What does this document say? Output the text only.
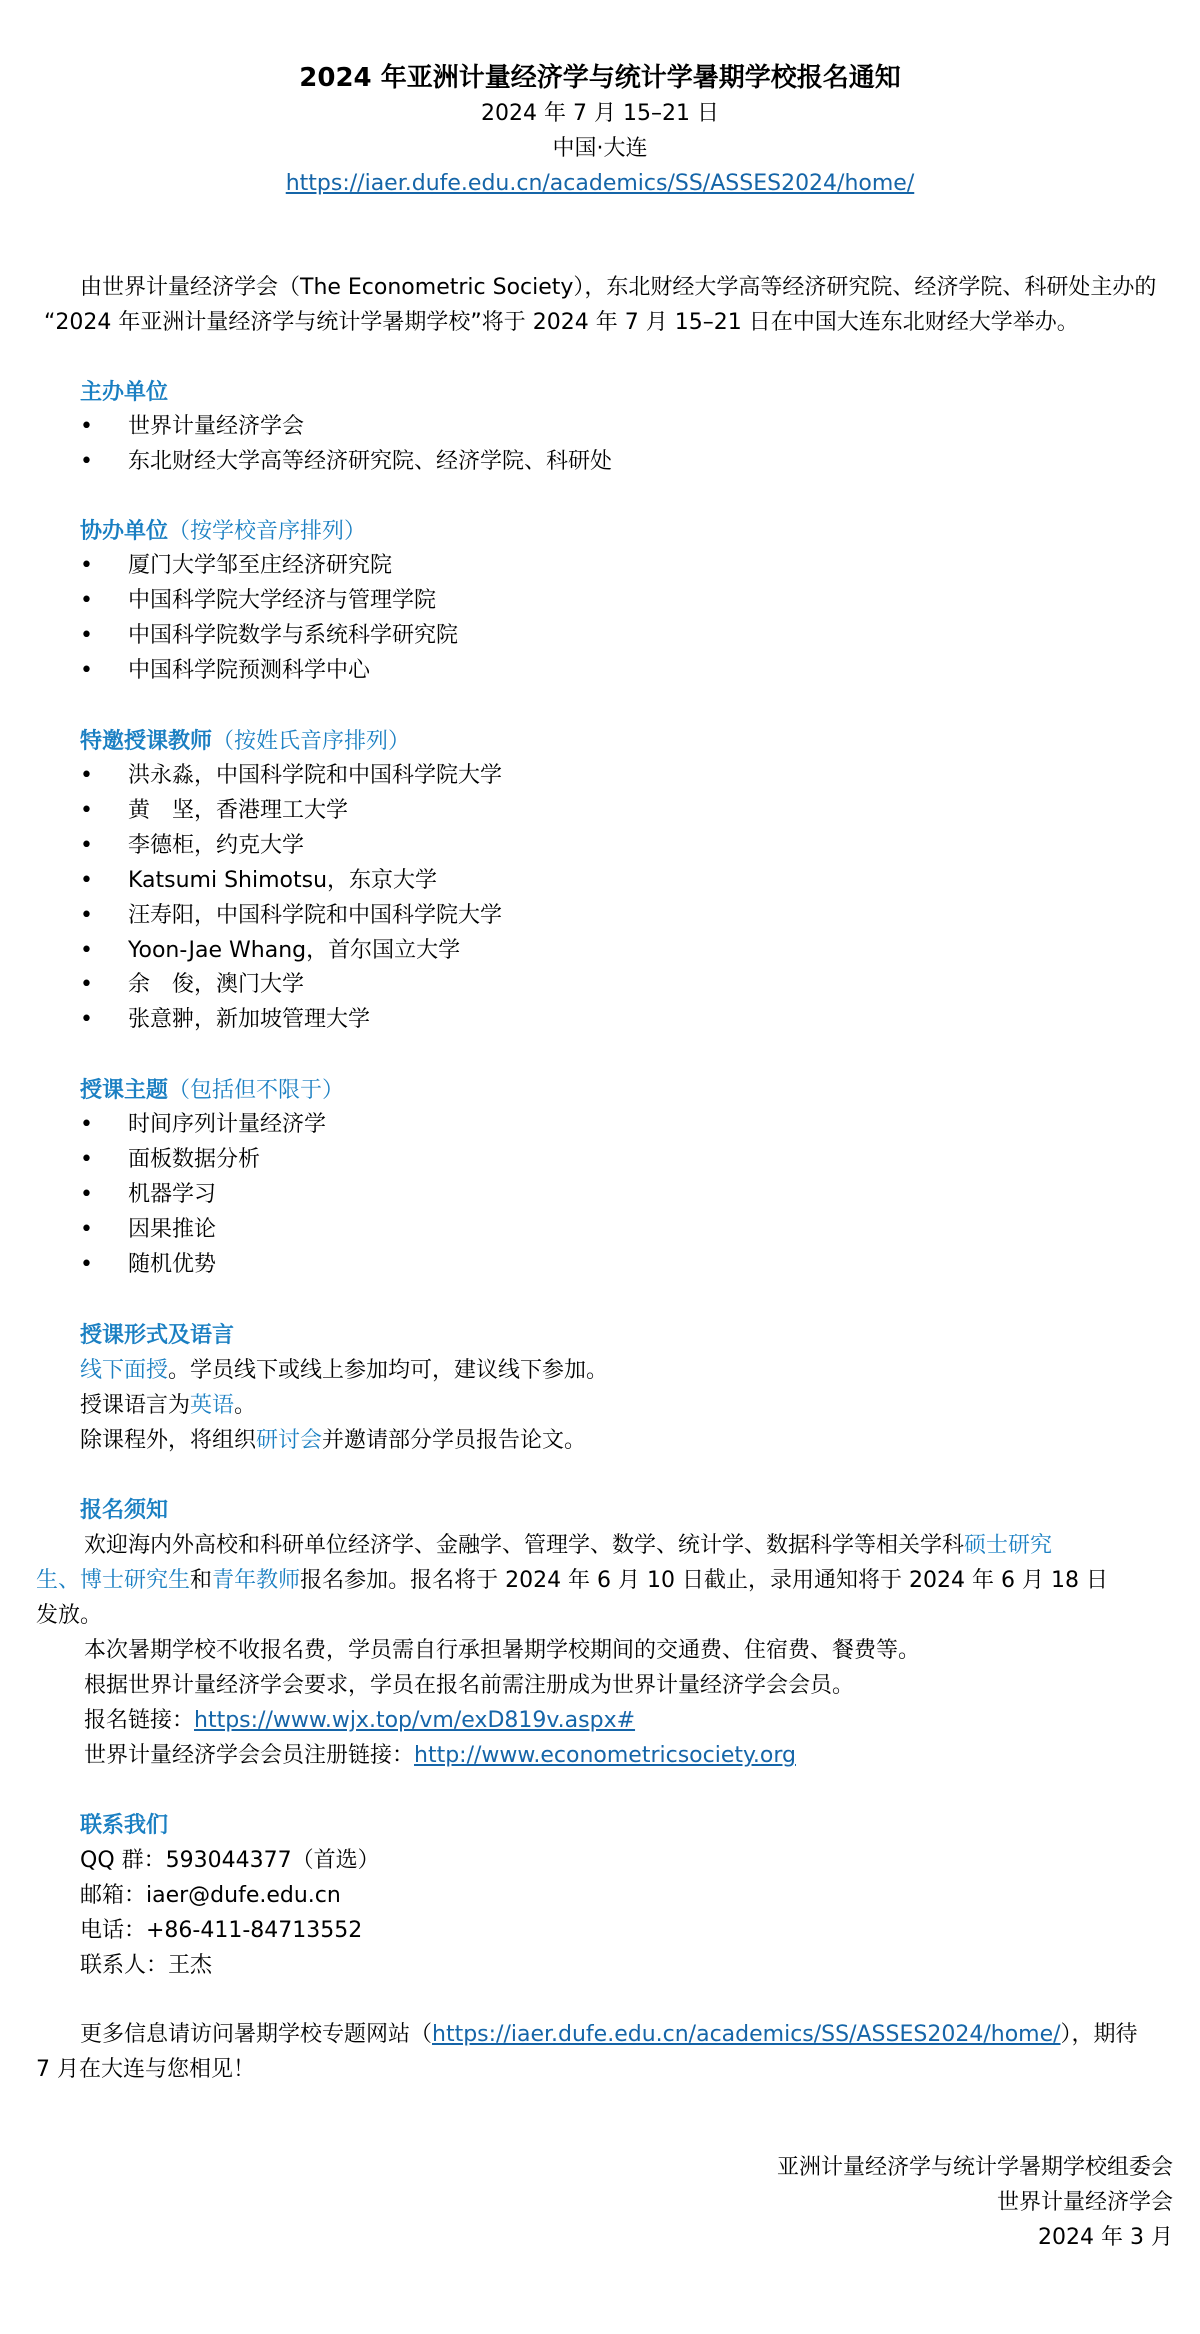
2024 年亚洲计量经济学与统计学暑期学校报名通知
2024 年 7 月 15–21 日
中国·大连
https://iaer.dufe.edu.cn/academics/SS/ASSES2024/home/
由世界计量经济学会（The Econometric Society），东北财经大学高等经济研究院、经济学院、科研处主办的
“2024 年亚洲计量经济学与统计学暑期学校”将于 2024 年 7 月 15–21 日在中国大连东北财经大学举办。
主办单位
• 世界计量经济学会
• 东北财经大学高等经济研究院、经济学院、科研处
协办单位（按学校音序排列）
• 厦门大学邹至庄经济研究院
• 中国科学院大学经济与管理学院
• 中国科学院数学与系统科学研究院
• 中国科学院预测科学中心
特邀授课教师（按姓氏音序排列）
• 洪永淼，中国科学院和中国科学院大学
• 黄　坚，香港理工大学
• 李德柜，约克大学
• Katsumi Shimotsu，东京大学
• 汪寿阳，中国科学院和中国科学院大学
• Yoon-Jae Whang，首尔国立大学
• 余　俊，澳门大学
• 张意翀，新加坡管理大学
授课主题（包括但不限于）
• 时间序列计量经济学
• 面板数据分析
• 机器学习
• 因果推论
• 随机优势
授课形式及语言
线下面授。学员线下或线上参加均可，建议线下参加。
授课语言为英语。
除课程外，将组织研讨会并邀请部分学员报告论文。
报名须知
欢迎海内外高校和科研单位经济学、金融学、管理学、数学、统计学、数据科学等相关学科硕士研究
生、博士研究生和青年教师报名参加。报名将于 2024 年 6 月 10 日截止，录用通知将于 2024 年 6 月 18 日
发放。
本次暑期学校不收报名费，学员需自行承担暑期学校期间的交通费、住宿费、餐费等。
根据世界计量经济学会要求，学员在报名前需注册成为世界计量经济学会会员。
报名链接：https://www.wjx.top/vm/exD819v.aspx#
世界计量经济学会会员注册链接：http://www.econometricsociety.org
联系我们
QQ 群：593044377（首选）
邮箱：iaer@dufe.edu.cn
电话：+86-411-84713552
联系人：王杰
更多信息请访问暑期学校专题网站（https://iaer.dufe.edu.cn/academics/SS/ASSES2024/home/），期待
7 月在大连与您相见！
亚洲计量经济学与统计学暑期学校组委会
世界计量经济学会
2024 年 3 月
